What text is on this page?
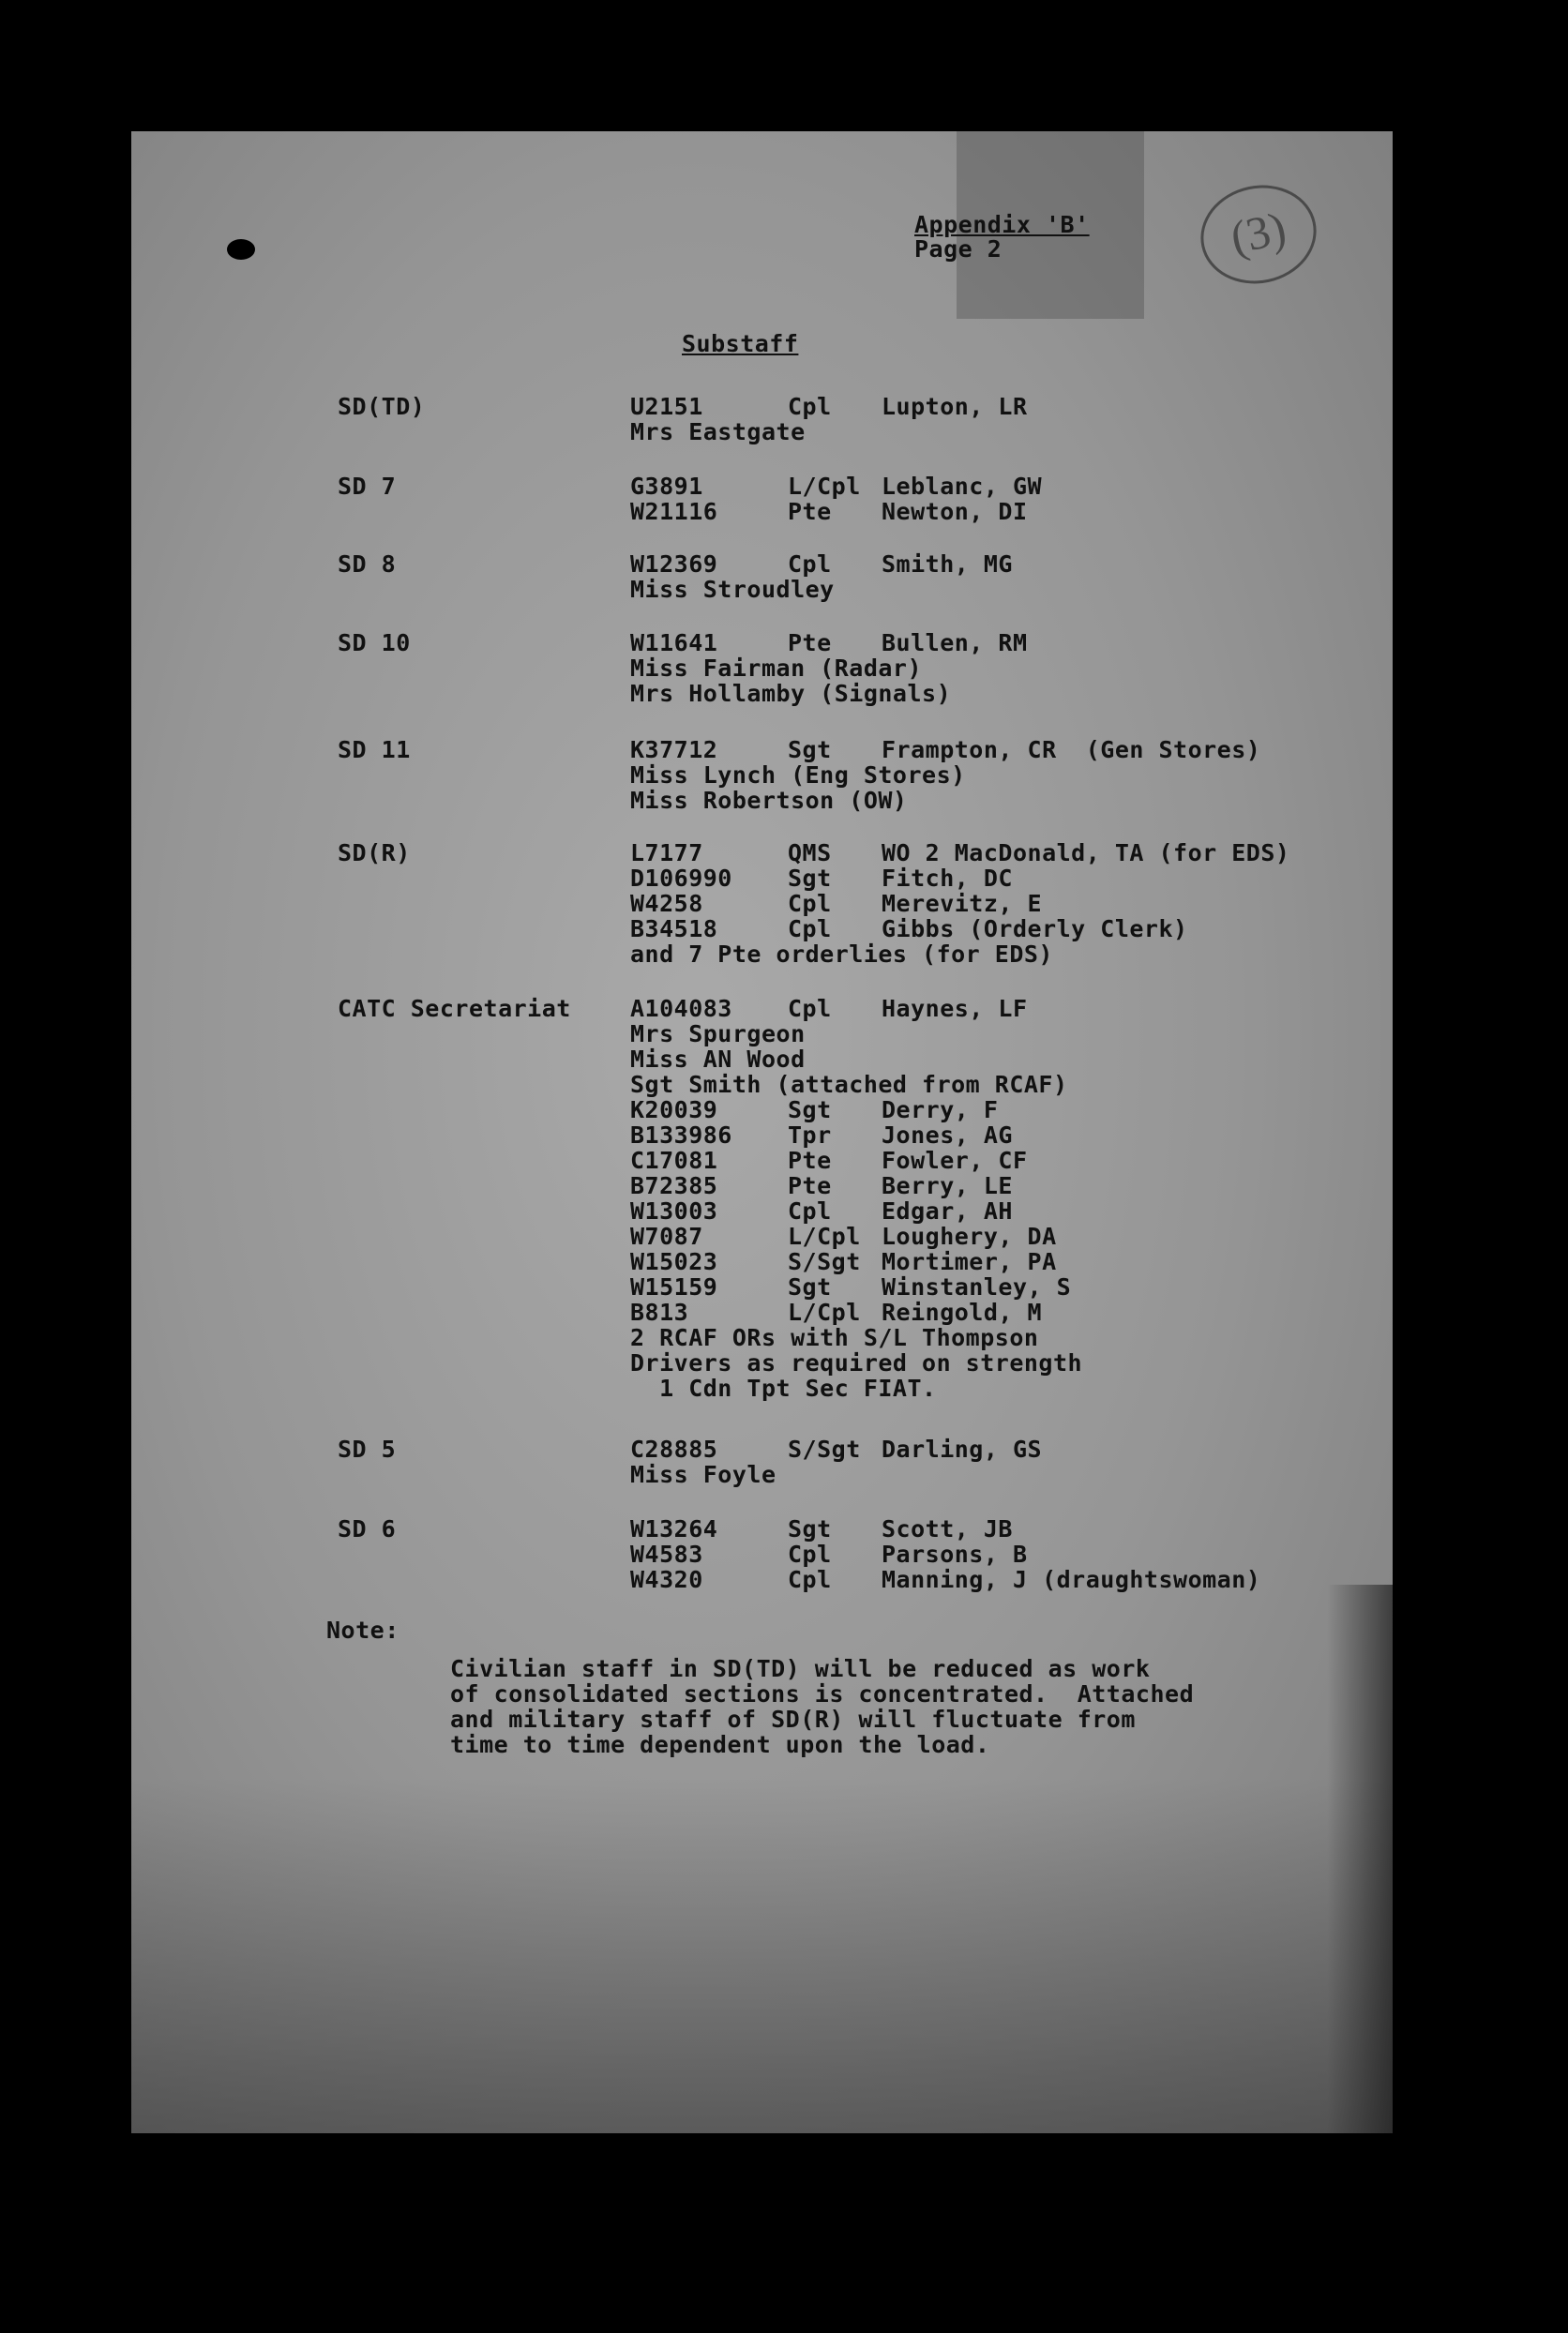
Appendix 'B'
Page 2	(3)
Substaff
SD(TD)	U2151	Cpl Lupton, LR
Mrs Eastgate
SD 7	G3891	L/Cpl Leblanc, GW
W21116	Pte Newton, DI
SD 8	W12369	Cpl Smith, MG
Miss Stroudley
SD 10	W11641	Pte Bullen, RM
Miss Fairman (Radar)
Mrs Hollamby (Signals)
SD 11	K37712	Sgt Frampton, CR  (Gen Stores)
Miss Lynch (Eng Stores)
Miss Robertson (OW)
SD(R)	L7177	QMS WO 2 MacDonald, TA (for EDS)
D106990 Sgt Fitch, DC
W4258	Cpl Merevitz, E
B34518	Cpl Gibbs (Orderly Clerk)
and 7 Pte orderlies (for EDS)
CATC Secretariat	A104083 Cpl Haynes, LF
Mrs Spurgeon
Miss AN Wood
Sgt Smith (attached from RCAF)
K20039	Sgt Derry, F
B133986 Tpr Jones, AG
C17081	Pte Fowler, CF
B72385	Pte Berry, LE
W13003	Cpl Edgar, AH
W7087	L/Cpl Loughery, DA
W15023	S/Sgt Mortimer, PA
W15159	Sgt Winstanley, S
B813	L/Cpl Reingold, M
2 RCAF ORs with S/L Thompson
Drivers as required on strength
1 Cdn Tpt Sec FIAT.
SD 5	C28885	S/Sgt Darling, GS
Miss Foyle
SD 6	W13264	Sgt Scott, JB
W4583	Cpl Parsons, B
W4320	Cpl Manning, J (draughtswoman)
Note:
Civilian staff in SD(TD) will be reduced as work
of consolidated sections is concentrated.  Attached
and military staff of SD(R) will fluctuate from
time to time dependent upon the load.
